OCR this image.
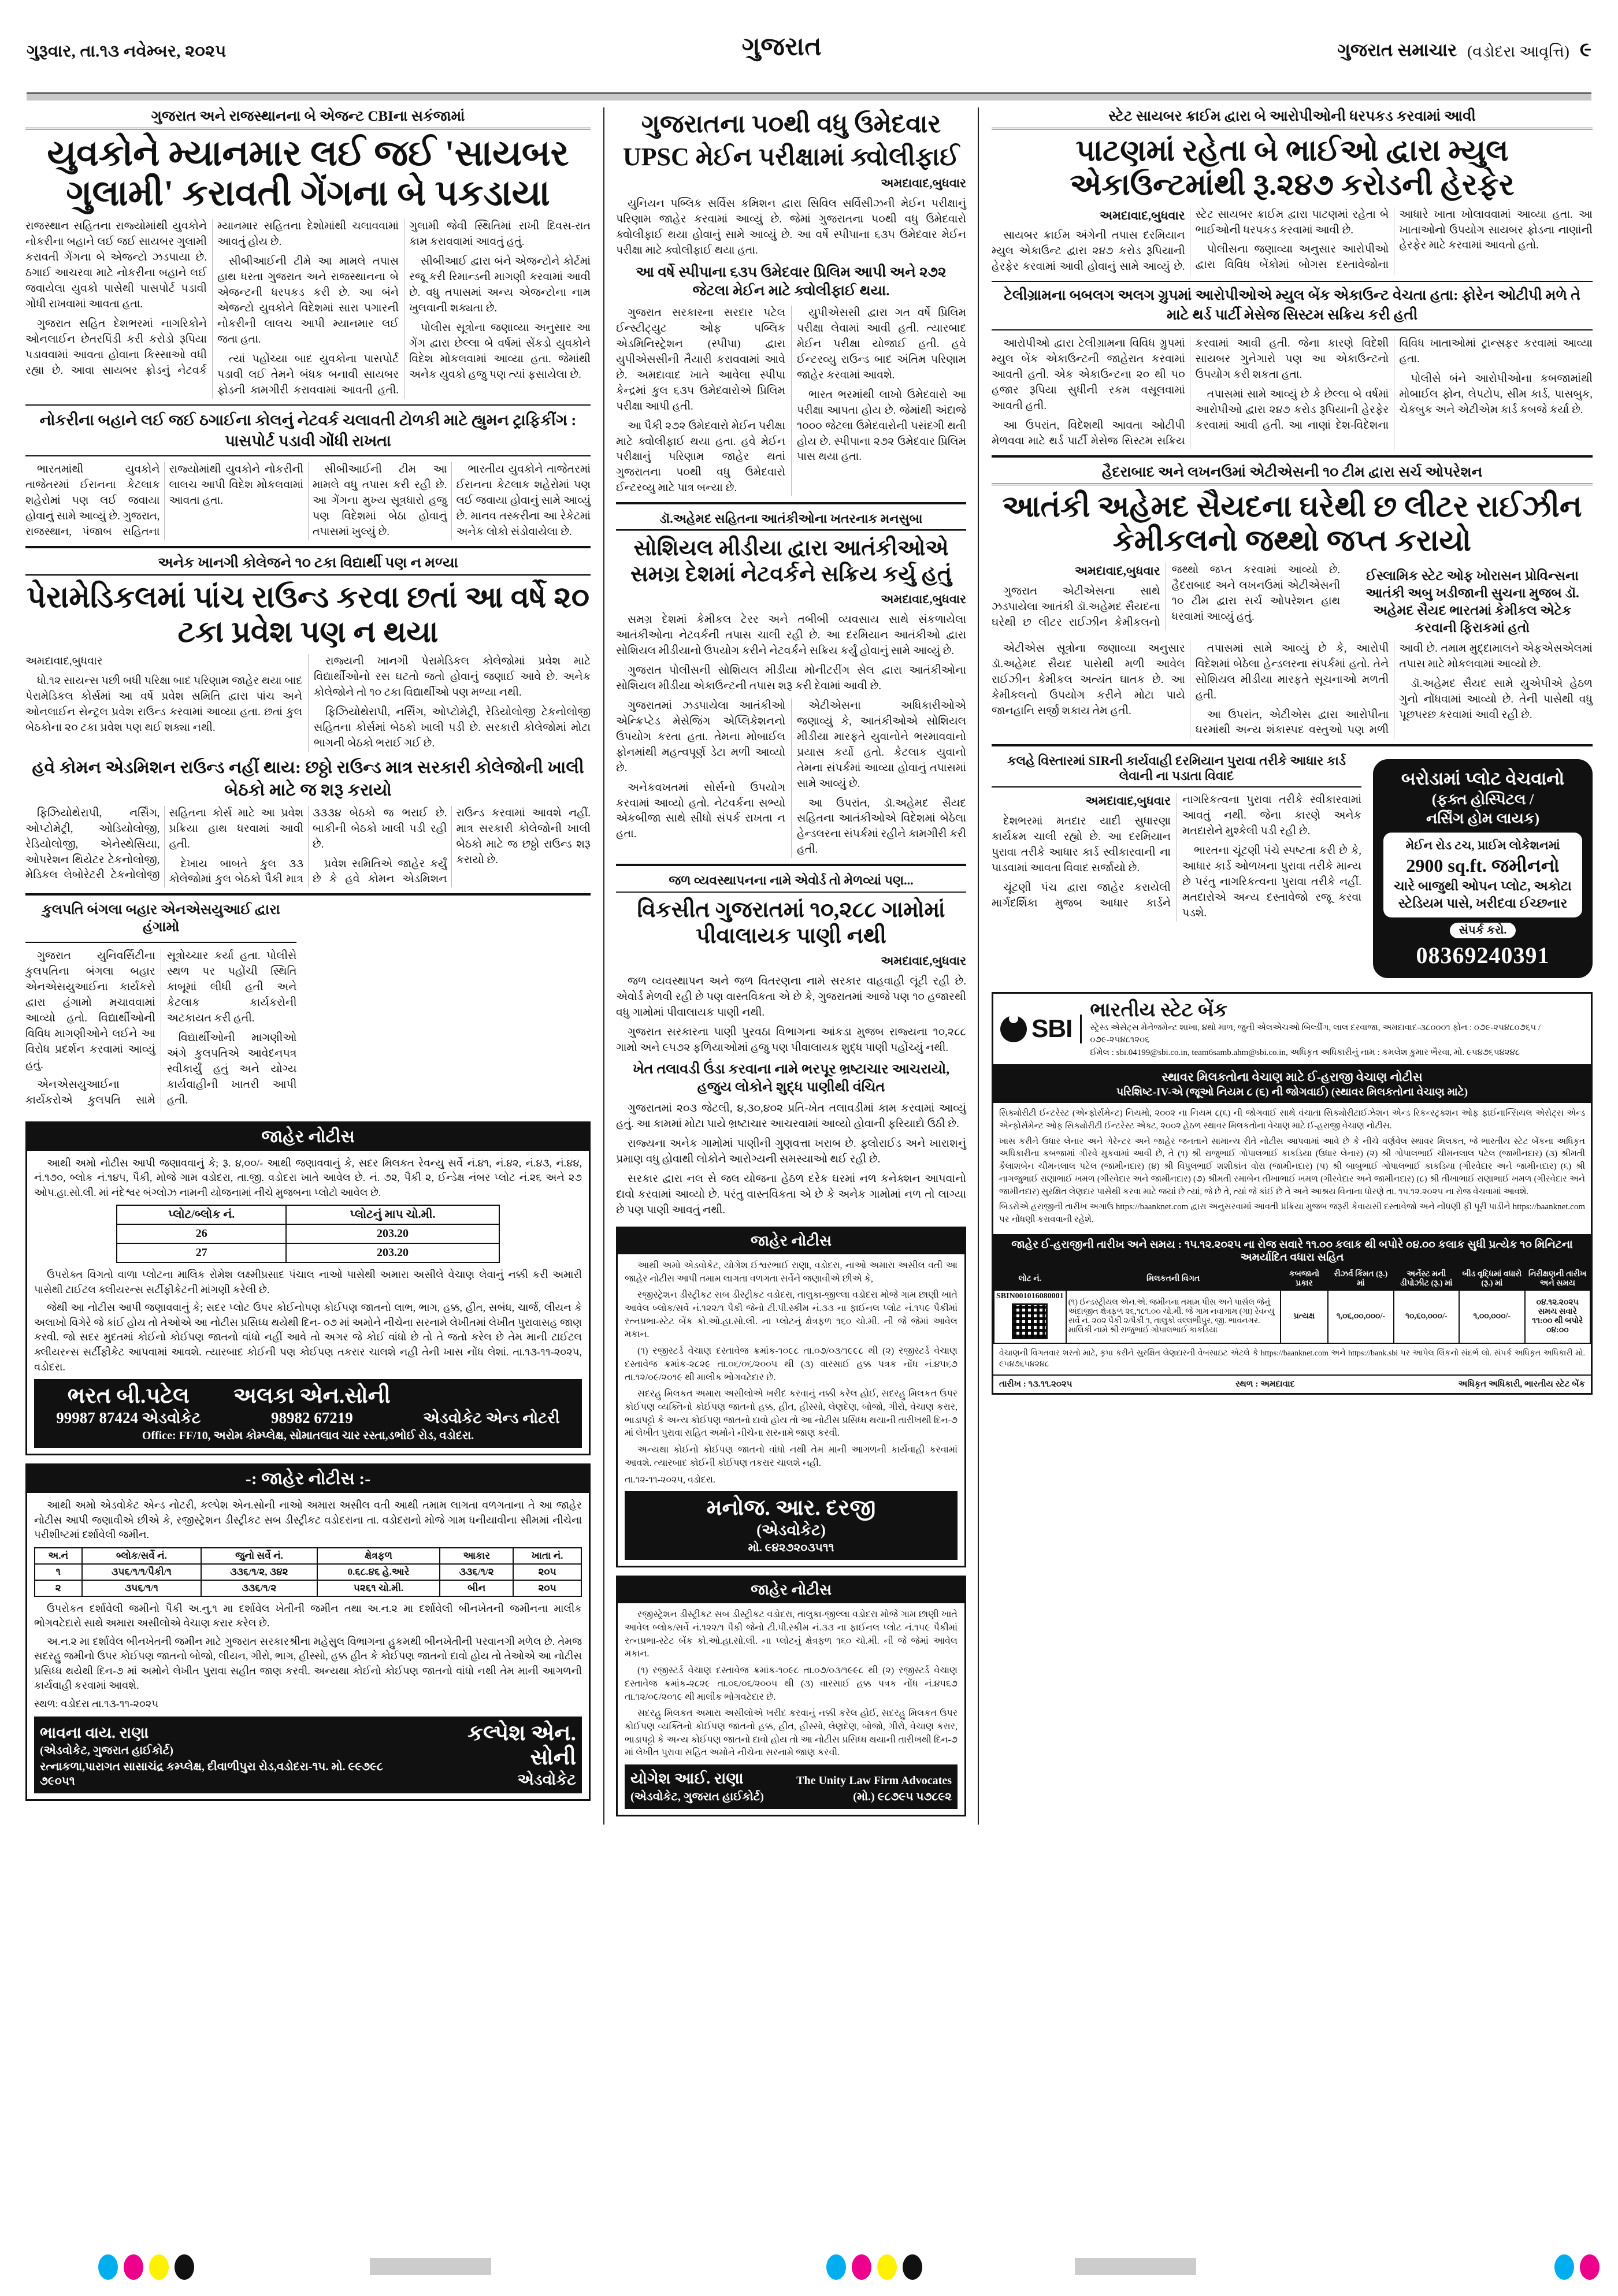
ગુરૂવાર, તા.૧૩ નવેમ્બર, ૨૦૨૫	ગુજરાત	ગુજરાત સમાચાર (વડોદરા આવૃત્તિ) ૯
ગુજરાત અને રાજસ્થાનના બે એજન્ટ CBIના સકંજામાં
યુવકોને મ્યાનમાર લઈ જઈ 'સાયબર ગુલામી' કરાવતી ગેંગના બે પકડાયા

રાજસ્થાન સહિતના રાજ્યોમાંથી યુવકોને નોકરીના બહાને લઈ જઈ સાયબર ગુલામી કરાવતી ગેંગના બે એજન્ટો ઝડપાયા છે. ઠગાઈ આચરવા માટે નોકરીના બહાને લઈ જવાયેલા યુવકો પાસેથી પાસપોર્ટ પડાવી ગોંધી રાખવામાં આવતા હતા.

ગુજરાત સહિત દેશભરમાં નાગરિકોને ઓનલાઈન છેતરપિંડી કરી કરોડો રૂપિયા પડાવવામાં આવતા હોવાના કિસ્સાઓ વધી રહ્યા છે. આવા સાયબર ફ્રોડનું નેટવર્ક મ્યાનમાર સહિતના દેશોમાંથી ચલાવવામાં આવતું હોય છે.

સીબીઆઈની ટીમે આ મામલે તપાસ હાથ ધરતા ગુજરાત અને રાજસ્થાનના બે એજન્ટની ધરપકડ કરી છે. આ બંને એજન્ટો યુવકોને વિદેશમાં સારા પગારની નોકરીની લાલચ આપી મ્યાનમાર લઈ જતા હતા.

ત્યાં પહોંચ્યા બાદ યુવકોના પાસપોર્ટ પડાવી લઈ તેમને બંધક બનાવી સાયબર ફ્રોડની કામગીરી કરાવવામાં આવતી હતી. ગુલામી જેવી સ્થિતિમાં રાખી દિવસ-રાત કામ કરાવવામાં આવતું હતું.

સીબીઆઈ દ્વારા બંને એજન્ટોને કોર્ટમાં રજૂ કરી રિમાન્ડની માગણી કરવામાં આવી છે. વધુ તપાસમાં અન્ય એજન્ટોના નામ ખુલવાની શક્યતા છે.

પોલીસ સૂત્રોના જણાવ્યા અનુસાર આ ગેંગ દ્વારા છેલ્લા બે વર્ષમાં સેંકડો યુવકોને વિદેશ મોકલવામાં આવ્યા હતા. જેમાંથી અનેક યુવકો હજુ પણ ત્યાં ફસાયેલા છે.

નોકરીના બહાને લઈ જઈ ઠગાઈના કોલનું નેટવર્ક ચલાવતી ટોળકી માટે હ્યુમન ટ્રાફિકીંગ : પાસપોર્ટ પડાવી ગોંધી રાખતા

ભારતમાંથી યુવકોને તાજેતરમાં ઈરાનના કેટલાક શહેરોમાં પણ લઈ જવાયા હોવાનું સામે આવ્યું છે. ગુજરાત, રાજસ્થાન, પંજાબ સહિતના રાજ્યોમાંથી યુવકોને નોકરીની લાલચ આપી વિદેશ મોકલવામાં આવતા હતા.

સીબીઆઈની ટીમ આ મામલે વધુ તપાસ કરી રહી છે. આ ગેંગના મુખ્ય સૂત્રધારો હજુ પણ વિદેશમાં બેઠા હોવાનું તપાસમાં ખુલ્યું છે.

ભારતીય યુવકોને તાજેતરમાં ઈરાનના કેટલાક શહેરોમાં પણ લઈ જવાયા હોવાનું સામે આવ્યું છે. માનવ તસ્કરીના આ રેકેટમાં અનેક લોકો સંડોવાયેલા છે.

અનેક ખાનગી કોલેજને ૧૦ ટકા વિદ્યાર્થી પણ ન મળ્યા
પેરામેડિકલમાં પાંચ રાઉન્ડ કરવા છતાં આ વર્ષે ૨૦ ટકા પ્રવેશ પણ ન થયા

અમદાવાદ,બુધવાર

ધો.૧૨ સાયન્સ પછી બધી પરિક્ષા બાદ પરિણામ જાહેર થયા બાદ પેરામેડિકલ કોર્સમાં આ વર્ષે પ્રવેશ સમિતિ દ્વારા પાંચ અને ઓનલાઈન સેન્ટ્રલ પ્રવેશ રાઉન્ડ કરવામાં આવ્યા હતા. છતાં કુલ બેઠકોના ૨૦ ટકા પ્રવેશ પણ થઈ શક્યા નથી.

રાજ્યની ખાનગી પેરામેડિકલ કોલેજોમાં પ્રવેશ માટે વિદ્યાર્થીઓનો રસ ઘટતો જતો હોવાનું જણાઈ આવે છે. અનેક કોલેજોને તો ૧૦ ટકા વિદ્યાર્થીઓ પણ મળ્યા નથી.

ફિઝિયોથેરાપી, નર્સિંગ, ઓપ્ટોમેટ્રી, રેડિયોલોજી ટેકનોલોજી સહિતના કોર્સમાં બેઠકો ખાલી પડી છે. સરકારી કોલેજોમાં મોટા ભાગની બેઠકો ભરાઈ ગઈ છે.

હવે કોમન એડમિશન રાઉન્ડ નહીં થાય: છઠ્ઠો રાઉન્ડ માત્ર સરકારી કોલેજોની ખાલી બેઠકો માટે જ શરૂ કરાયો

ફિઝિયોથેરાપી, નર્સિંગ, ઓપ્ટોમેટ્રી, ઓડિયોલોજી, રેડિયોલોજી, એનેસ્થેસિયા, ઓપરેશન થિયેટર ટેકનોલોજી, મેડિકલ લેબોરેટરી ટેકનોલોજી સહિતના કોર્સ માટે આ પ્રવેશ પ્રક્રિયા હાથ ધરવામાં આવી હતી.

દેખાય બાબતે કુલ ૩૩ કોલેજોમાં કુલ બેઠકો પૈકી માત્ર ૩૩૩૪ બેઠકો જ ભરાઈ છે. બાકીની બેઠકો ખાલી પડી રહી છે.

પ્રવેશ સમિતિએ જાહેર કર્યું છે કે હવે કોમન એડમિશન રાઉન્ડ કરવામાં આવશે નહીં. માત્ર સરકારી કોલેજોની ખાલી બેઠકો માટે જ છઠ્ઠો રાઉન્ડ શરૂ કરાયો છે.

કુલપતિ બંગલા બહાર એનએસયુઆઈ દ્વારા હંગામો

ગુજરાત યુનિવર્સિટીના કુલપતિના બંગલા બહાર એનએસયુઆઈના કાર્યકરો દ્વારા હંગામો મચાવવામાં આવ્યો હતો. વિદ્યાર્થીઓની વિવિધ માગણીઓને લઈને આ વિરોધ પ્રદર્શન કરવામાં આવ્યું હતું.

એનએસયુઆઈના કાર્યકરોએ કુલપતિ સામે સૂત્રોચ્ચાર કર્યા હતા. પોલીસે સ્થળ પર પહોંચી સ્થિતિ કાબૂમાં લીધી હતી અને કેટલાક કાર્યકરોની અટકાયત કરી હતી.

વિદ્યાર્થીઓની માગણીઓ અંગે કુલપતિએ આવેદનપત્ર સ્વીકાર્યું હતું અને યોગ્ય કાર્યવાહીની ખાતરી આપી હતી.

જાહેર નોટીસ

આથી અમો નોટીસ આપી જણાવવાનું કે; રૂ. ૪,૦૦/- આથી જણાવવાનું કે, સદર મિલકત રેવન્યુ સર્વે નં.૪૧, નં.૪૨, નં.૪૩, નં.૪૪, નં.૧૭૦, બ્લોક નં.૧૪૫, પૈકી, મોજે ગામ વડોદરા, તા.જી. વડોદરા ખાતે આવેલ છે. નં. ૭૨, પૈકી ૨, ઈન્ડેક્ષ નંબર પ્લોટ નં.૨૬ અને ૨૭ ઓપ.હા.સો.લી. માં નંદેશ્વર બંગ્લોઝ નામની યોજનામાં નીચે મુજબના પ્લોટો આવેલ છે.

પ્લોટ/બ્લોક નં.	પ્લોટનું માપ ચો.મી.
26	203.20
27	203.20

ઉપરોક્ત વિગતો વાળા પ્લોટના માલિક રોમેશ લક્ષ્મીપ્રસાદ પંચાલ નાઓ પાસેથી અમારા અસીલે વેચાણ લેવાનું નક્કી કરી અમારી પાસેથી ટાઈટલ ક્લીયરન્સ સર્ટીફીકેટની માંગણી કરેલી છે.

જેથી આ નોટીસ આપી જણાવવાનું કે; સદર પ્લોટ ઉપર કોઈનોપણ કોઈપણ જાતનો લાભ, ભાગ, હક્ક, હીત, સબંધ, ચાર્જ, લીયન કે અલાખો વિગેરે જે કાંઈ હોય તો તેઓએ આ નોટીસ પ્રસિધ્ધ થયેથી દિન- ૦૭ માં અમોને નીચેના સરનામે લેખીતમાં લેખીત પુરાવાસહ જાણ કરવી. જો સદર મુદતમાં કોઈનો કોઈપણ જાતનો વાંધો નહીં આવે તો અગર જે કોઈ વાંધો છે તો તે જતો કરેલ છે તેમ માની ટાઈટલ ક્લીયરન્સ સર્ટીફીકેટ આપવામાં આવશે. ત્યારબાદ કોઈની પણ કોઈપણ તકરાર ચાલશે નહી તેની ખાસ નોંધ લેશાં. તા.૧૩-૧૧-૨૦૨૫, વડોદરા.

ભરત બી.પટેલ
99987 87424 એડવોકેટ
અલકા એન.સોની
98982 67219	એડવોકેટ એન્ડ નોટરી
Office: FF/10, અરોમ કોમ્પ્લેક્ષ, સોમાતલાવ ચાર રસ્તા,ડભોઈ રોડ, વડોદરા.
-: જાહેર નોટીસ :-

આથી અમો એડવોકેટ એન્ડ નોટરી, કલ્પેશ એન.સોની નાઓ અમારા અસીલ વતી આથી તમામ લાગતા વળગતાના તે આ જાહેર નોટીસ આપી જણાવીએ છીએ કે, રજીસ્ટ્રેશન ડીસ્ટ્રીકટ સબ ડીસ્ટ્રીકટ વડોદરાના તા. વડોદરાનો મોજે ગામ ધનીયાવીના સીમમાં નીચેના પરીશીષ્ટમાં દર્શાવેલી જમીન.

અ.નં	બ્લોક/સર્વે નં.	જુનો સર્વે નં.	ક્ષેત્રફળ	આકાર	ખાતા નં.
૧	૩૫૬/૧/૧/પૈકી/૧	૩૩૬/૧/૨, ૩૪૨	0.૬૮.૪૬ હે.આરે	૩૩૬/૧/૨	૨૦૫
૨	૩૫૬/૧/૧	૩૩૬/૧/૨	૫૨૬૧ ચો.મી.	બીન	૨૦૫

ઉપરોકત દર્શાવેલી જમીનો પૈકી અ.નુ.૧ મા દર્શાવેલ ખેતીની જમીન તથા અ.ન.૨ મા દર્શાવેલી બીનખેતની જમીનના માલીક ભોગવટેદારો સાથે અમારા અસીલોએ વેચાણ કરાર કરેલ છે.

અ.ન.૨ મા દર્શાવેલ બીનખેતની જમીન માટે ગુજરાત સરકારશ્રીના મહેસુલ વિભાગના હુકમથી બીનખેતીની પરવાનગી મળેલ છે. તેમજ સદરહુ જમીનો ઉપર કોઈપણ જાતનો બોજો, લીયન, ગીરો, ભાગ, હીસ્સો, હક્ક હીત કે કોઈપણ જાતનો દાવો હોય તો તેઓએ આ નોટીસ પ્રસિધ્ધ થયેથી દિન-૭ માં અમોને લેખીત પુરાવા સહીત જાણ કરવી. અન્યથા કોઈનો કોઈપણ જાતનો વાંધો નથી તેમ માની આગળની કાર્યવાહી કરવામાં આવશે.

સ્થળ: વડોદરા તા.૧૩-૧૧-૨૦૨૫

ભાવના વાય. રાણા
(એડવોકેટ, ગુજરાત હાઈકોર્ટ)
રત્નાકળા,પારાગત સાસાચંદ્ર કમ્પ્લેક્ષ, દીવાળીપુરા રોડ,વડોદરા-૧૫. મો. ૯૯૭૯૮ ૭૯૦૫૧
કલ્પેશ એન. સોની
એડવોકેટ
ગુજરાતના ૫૦થી વધુ ઉમેદવાર
UPSC મેઈન પરીક્ષામાં ક્વોલીફાઈ

અમદાવાદ,બુધવાર

યુનિયન પબ્લિક સર્વિસ કમિશન દ્વારા સિવિલ સર્વિસીઝની મેઈન પરીક્ષાનું પરિણામ જાહેર કરવામાં આવ્યું છે. જેમાં ગુજરાતના ૫૦થી વધુ ઉમેદવારો ક્વોલીફાઈ થયા હોવાનું સામે આવ્યું છે. આ વર્ષે સ્પીપાના ૬૩૫ ઉમેદવાર મેઈન પરીક્ષા માટે ક્વોલીફાઈ થયા હતા.

આ વર્ષે સ્પીપાના ૬૩૫ ઉમેદવાર પ્રિલિમ આપી અને ૨૭૨ જેટલા મેઈન માટે ક્વોલીફાઈ થયા.

ગુજરાત સરકારના સરદાર પટેલ ઈન્સ્ટીટ્યુટ ઓફ પબ્લિક એડમિનિસ્ટ્રેશન (સ્પીપા) દ્વારા યુપીએસસીની તૈયારી કરાવવામાં આવે છે. અમદાવાદ ખાતે આવેલા સ્પીપા કેન્દ્રમાં કુલ ૬૩૫ ઉમેદવારોએ પ્રિલિમ પરીક્ષા આપી હતી.

આ પૈકી ૨૭૨ ઉમેદવારો મેઈન પરીક્ષા માટે ક્વોલીફાઈ થયા હતા. હવે મેઈન પરીક્ષાનું પરિણામ જાહેર થતાં ગુજરાતના ૫૦થી વધુ ઉમેદવારો ઈન્ટરવ્યુ માટે પાત્ર બન્યા છે.

યુપીએસસી દ્વારા ગત વર્ષે પ્રિલિમ પરીક્ષા લેવામાં આવી હતી. ત્યારબાદ મેઈન પરીક્ષા યોજાઈ હતી. હવે ઈન્ટરવ્યુ રાઉન્ડ બાદ અંતિમ પરિણામ જાહેર કરવામાં આવશે.

ભારત ભરમાંથી લાખો ઉમેદવારો આ પરીક્ષા આપતા હોય છે. જેમાંથી અંદાજે ૧૦૦૦ જેટલા ઉમેદવારોની પસંદગી થતી હોય છે. સ્પીપાના ૨૭૨ ઉમેદવાર પ્રિલિમ પાસ થયા હતા.

ડૉ.અહેમદ સહિતના આતંકીઓના ખતરનાક મનસુબા
સોશિયલ મીડીયા દ્વારા આતંકીઓએ સમગ્ર દેશમાં નેટવર્કને સક્રિય કર્યુ હતું

અમદાવાદ,બુધવાર

સમગ્ર દેશમાં કેમીકલ ટેરર અને તબીબી વ્યવસાય સાથે સંકળાયેલા આતંકીઓના નેટવર્કની તપાસ ચાલી રહી છે. આ દરમિયાન આતંકીઓ દ્વારા સોશિયલ મીડીયાનો ઉપયોગ કરીને નેટવર્કને સક્રિય કર્યું હોવાનું સામે આવ્યું છે.

ગુજરાત પોલીસની સોશિયલ મીડીયા મોનીટરીંગ સેલ દ્વારા આતંકીઓના સોશિયલ મીડીયા એકાઉન્ટની તપાસ શરૂ કરી દેવામાં આવી છે.

ગુજરાતમાં ઝડપાયેલા આતંકીઓ એન્ક્રિપ્ટેડ મેસેજિંગ એપ્લિકેશનનો ઉપયોગ કરતા હતા. તેમના મોબાઈલ ફોનમાંથી મહત્વપૂર્ણ ડેટા મળી આવ્યો છે.

અનેકવખતમાં સોર્સનો ઉપયોગ કરવામાં આવ્યો હતો. નેટવર્કના સભ્યો એકબીજા સાથે સીધો સંપર્ક રાખતા ન હતા.

એટીએસના અધિકારીઓએ જણાવ્યું કે, આતંકીઓએ સોશિયલ મીડીયા મારફતે યુવાનોને ભરમાવવાનો પ્રયાસ કર્યો હતો. કેટલાક યુવાનો તેમના સંપર્કમાં આવ્યા હોવાનું તપાસમાં સામે આવ્યું છે.

આ ઉપરાંત, ડૉ.અહેમદ સૈયદ સહિતના આતંકીઓએ વિદેશમાં બેઠેલા હેન્ડલરના સંપર્કમાં રહીને કામગીરી કરી હતી.

જળ વ્યવસ્થાપનના નામે એવોર્ડ તો મેળવ્યાં પણ...
વિકસીત ગુજરાતમાં ૧૦,૨૮૮ ગામોમાં પીવાલાયક પાણી નથી

અમદાવાદ,બુધવાર

જળ વ્યવસ્થાપન અને જળ વિતરણના નામે સરકાર વાહવાહી લૂંટી રહી છે. એવોર્ડ મેળવી રહી છે પણ વાસ્તવિકતા એ છે કે, ગુજરાતમાં આજે પણ ૧૦ હજારથી વધુ ગામોમાં પીવાલાયક પાણી નથી.

ગુજરાત સરકારના પાણી પુરવઠા વિભાગના આંકડા મુજબ રાજ્યના ૧૦,૨૮૮ ગામો અને ૯૫૭૨ ફળિયાઓમાં હજુ પણ પીવાલાયક શુદ્ધ પાણી પહોંચ્યું નથી.

ખેત તલાવડી ઉંડા કરવાના નામે ભરપૂર ભ્રષ્ટાચાર આચરાયો, હજુય લોકોને શુદ્ધ પાણીથી વંચિત

ગુજરાતમાં ૨૦૩ જેટલી, ૪,૩૦,૪૦૨ પ્રતિ-ખેત તલાવડીમાં કામ કરવામાં આવ્યું હતું. આ કામમાં મોટા પાયે ભ્રષ્ટાચાર આચરવામાં આવ્યો હોવાની ફરિયાદો ઉઠી છે.

રાજ્યના અનેક ગામોમાં પાણીની ગુણવત્તા ખરાબ છે. ફ્લોરાઈડ અને ખારાશનું પ્રમાણ વધુ હોવાથી લોકોને આરોગ્યની સમસ્યાઓ થઈ રહી છે.

સરકાર દ્વારા નલ સે જલ યોજના હેઠળ દરેક ઘરમાં નળ કનેક્શન આપવાનો દાવો કરવામાં આવ્યો છે. પરંતુ વાસ્તવિકતા એ છે કે અનેક ગામોમાં નળ તો લાગ્યા છે પણ પાણી આવતું નથી.

જાહેર નોટીસ

આથી અમો એડવોકેટ, યોગેશ ઈશ્વરભાઈ રાણા, વડોદરા, નાઓ અમારા અસીલ વતી આ જાહેર નોટીસ આપી તમામ લાગતા વળગતા સર્વેને જણાવીએ છીએ કે,

રજીસ્ટ્રેશન ડીસ્ટ્રીકટ સબ ડીસ્ટ્રીકટ વડોદરા, તાલુકા-જીલ્લા વડોદરા મોજે ગામ છાણી ખાતે આવેલ બ્લોક/સર્વે નં.૧૨૨/૧ પૈકી જેનો ટી.પી.સ્કીમ નં.૩૩ ના ફાઈનલ પ્લોટ નં.૧૫૯ પૈકીમાં રત્નપ્રભા-સ્ટેટ બેંક કો.ઓ.હા.સો.લી. ના પ્લોટનું ક્ષેત્રફળ ૧૬૦ ચો.મી. ની જે જેમાં આવેલ મકાન.

(૧) રજીસ્ટર્ડ વેચાણ દસ્તાવેજ ક્રમાંક-૧૦૯૮ તા.૦૭/૦૩/૧૯૯૮ થી (૨) રજીસ્ટર્ડ વેચાણ દસ્તાવેજ ક્રમાંક-૨૮૨૯ તા.૦૬/૦૬/૨૦૦૫ થી (૩) વારસાઈ હક્ક પત્રક નોંધ નં.૪૫૬૭ તા.૧૨/૦૯/૨૦૧૯ થી માલીક ભોગવટેદાર છે.

સદરહુ મિલકત અમારા અસીલોએ ખરીદ કરવાનું નક્કી કરેલ હોઈ, સદરહુ મિલકત ઉપર કોઈપણ વ્યક્તિનો કોઈપણ જાતનો હક્ક, હીત, હીસ્સો, લેણદેણ, બોજો, ગીરો, વેચાણ કરાર, ભાડાપટ્ટો કે અન્ય કોઈપણ જાતનો દાવો હોય તો આ નોટીસ પ્રસિધ્ધ થયાની તારીખથી દિન-૭ માં લેખીત પુરાવા સહિત અમોને નીચેના સરનામે જાણ કરવી.

અન્યથા કોઈનો કોઈપણ જાતનો વાંધો નથી તેમ માની આગળની કાર્યવાહી કરવામાં આવશે. ત્યારબાદ કોઈની કોઈપણ તકરાર ચાલશે નહી.

તા.૧૨-૧૧-૨૦૨૫, વડોદરા.

મનોજ. આર. દરજી
(એડવોકેટ)
મો. ૯૪૨૭૨૦૩૫૧૧
જાહેર નોટીસ

રજીસ્ટ્રેશન ડીસ્ટ્રીકટ સબ ડીસ્ટ્રીકટ વડોદરા, તાલુકા-જીલ્લા વડોદરા મોજે ગામ છાણી ખાતે આવેલ બ્લોક/સર્વે નં.૧૨૨/૧ પૈકી જેનો ટી.પી.સ્કીમ નં.૩૩ ના ફાઈનલ પ્લોટ નં.૧૫૯ પૈકીમાં રત્નપ્રભા-સ્ટેટ બેંક કો.ઓ.હા.સો.લી. ના પ્લોટનું ક્ષેત્રફળ ૧૬૦ ચો.મી. ની જે જેમાં આવેલ મકાન.

(૧) રજીસ્ટર્ડ વેચાણ દસ્તાવેજ ક્રમાંક-૧૦૯૮ તા.૦૭/૦૩/૧૯૯૮ થી (૨) રજીસ્ટર્ડ વેચાણ દસ્તાવેજ ક્રમાંક-૨૮૨૯ તા.૦૬/૦૬/૨૦૦૫ થી (૩) વારસાઈ હક્ક પત્રક નોંધ નં.૪૫૬૭ તા.૧૨/૦૯/૨૦૧૯ થી માલીક ભોગવટેદાર છે.

સદરહુ મિલકત અમારા અસીલોએ ખરીદ કરવાનું નક્કી કરેલ હોઈ, સદરહુ મિલકત ઉપર કોઈપણ વ્યક્તિનો કોઈપણ જાતનો હક્ક, હીત, હીસ્સો, લેણદેણ, બોજો, ગીરો, વેચાણ કરાર, ભાડાપટ્ટો કે અન્ય કોઈપણ જાતનો દાવો હોય તો આ નોટીસ પ્રસિધ્ધ થયાની તારીખથી દિન-૭ માં લેખીત પુરાવા સહિત અમોને નીચેના સરનામે જાણ કરવી.

યોગેશ આઈ. રાણા
(એડવોકેટ, ગુજરાત હાઈકોર્ટ)
The Unity Law Firm Advocates
(મો.) ૯૮૭૯૫ ૫૭૮૯૨
સ્ટેટ સાયબર ક્રાઈમ દ્વારા બે આરોપીઓની ધરપકડ કરવામાં આવી
પાટણમાં રહેતા બે ભાઈઓ દ્વારા મ્યુલ એકાઉન્ટમાંથી રૂ.૨૪૭ કરોડની હેરફેર

અમદાવાદ,બુધવાર

સાયબર ક્રાઈમ અંગેની તપાસ દરમિયાન મ્યુલ એકાઉન્ટ દ્વારા ૨૪૭ કરોડ રૂપિયાની હેરફેર કરવામાં આવી હોવાનું સામે આવ્યું છે. સ્ટેટ સાયબર ક્રાઈમ દ્વારા પાટણમાં રહેતા બે ભાઈઓની ધરપકડ કરવામાં આવી છે.

પોલીસના જણાવ્યા અનુસાર આરોપીઓ દ્વારા વિવિધ બેંકોમાં બોગસ દસ્તાવેજોના આધારે ખાતા ખોલાવવામાં આવ્યા હતા. આ ખાતાઓનો ઉપયોગ સાયબર ફ્રોડના નાણાંની હેરફેર માટે કરવામાં આવતો હતો.

ટેલીગ્રામના બબલગ અલગ ગ્રુપમાં આરોપીઓએ મ્યુલ બેંક એકાઉન્ટ વેચતા હતા: ફોરેન ઓટીપી મળે તે માટે થર્ડ પાર્ટી મેસેજ સિસ્ટમ સક્રિય કરી હતી

આરોપીઓ દ્વારા ટેલીગ્રામના વિવિધ ગ્રુપમાં મ્યુલ બેંક એકાઉન્ટની જાહેરાત કરવામાં આવતી હતી. એક એકાઉન્ટના ૨૦ થી ૫૦ હજાર રૂપિયા સુધીની રકમ વસૂલવામાં આવતી હતી.

આ ઉપરાંત, વિદેશથી આવતા ઓટીપી મેળવવા માટે થર્ડ પાર્ટી મેસેજ સિસ્ટમ સક્રિય કરવામાં આવી હતી. જેના કારણે વિદેશી સાયબર ગુનેગારો પણ આ એકાઉન્ટનો ઉપયોગ કરી શકતા હતા.

તપાસમાં સામે આવ્યું છે કે છેલ્લા બે વર્ષમાં આરોપીઓ દ્વારા ૨૪૭ કરોડ રૂપિયાની હેરફેર કરવામાં આવી હતી. આ નાણાં દેશ-વિદેશના વિવિધ ખાતાઓમાં ટ્રાન્સફર કરવામાં આવ્યા હતા.

પોલીસે બંને આરોપીઓના કબજામાંથી મોબાઈલ ફોન, લેપટોપ, સીમ કાર્ડ, પાસબુક, ચેકબુક અને એટીએમ કાર્ડ કબજે કર્યા છે.

હૈદરાબાદ અને લખનઉમાં એટીએસની ૧૦ ટીમ દ્વારા સર્ચ ઓપરેશન
આતંકી અહેમદ સૈયદના ઘરેથી છ લીટર રાઈઝીન કેમીકલનો જથ્થો જપ્ત કરાયો

અમદાવાદ,બુધવાર

ગુજરાત એટીએસના સાથે ઝડપાયેલા આતંકી ડૉ.અહેમદ સૈયદના ઘરેથી છ લીટર રાઈઝીન કેમીકલનો જથ્થો જપ્ત કરવામાં આવ્યો છે. હૈદરાબાદ અને લખનઉમાં એટીએસની ૧૦ ટીમ દ્વારા સર્ચ ઓપરેશન હાથ ધરવામાં આવ્યું હતું.

ઈસ્લામિક સ્ટેટ ઓફ ખોરાસન પ્રોવિન્સના આતંકી અબુ ખડીજાની સુચના મુજબ ડૉ. અહેમદ સૈયદ ભારતમાં કેમીકલ એટેક કરવાની ફિરાકમાં હતો

એટીએસ સૂત્રોના જણાવ્યા અનુસાર ડૉ.અહેમદ સૈયદ પાસેથી મળી આવેલ રાઈઝીન કેમીકલ અત્યંત ઘાતક છે. આ કેમીકલનો ઉપયોગ કરીને મોટા પાયે જાનહાનિ સર્જી શકાય તેમ હતી.

તપાસમાં સામે આવ્યું છે કે, આરોપી વિદેશમાં બેઠેલા હેન્ડલરના સંપર્કમાં હતો. તેને સોશિયલ મીડીયા મારફતે સૂચનાઓ મળતી હતી.

આ ઉપરાંત, એટીએસ દ્વારા આરોપીના ઘરમાંથી અન્ય શંકાસ્પદ વસ્તુઓ પણ મળી આવી છે. તમામ મુદ્દામાલને એફએસએલમાં તપાસ માટે મોકલવામાં આવ્યો છે.

ડૉ.અહેમદ સૈયદ સામે યુએપીએ હેઠળ ગુનો નોંધવામાં આવ્યો છે. તેની પાસેથી વધુ પૂછપરછ કરવામાં આવી રહી છે.

કલહે વિસ્તારમાં SIRની કાર્યવાહી દરમિયાન પુરાવા તરીકે આધાર કાર્ડ લેવાની ના પડાતા વિવાદ

અમદાવાદ,બુધવાર

દેશભરમાં મતદાર યાદી સુધારણા કાર્યક્રમ ચાલી રહ્યો છે. આ દરમિયાન પુરાવા તરીકે આધાર કાર્ડ સ્વીકારવાની ના પાડવામાં આવતા વિવાદ સર્જાયો છે.

ચૂંટણી પંચ દ્વારા જાહેર કરાયેલી માર્ગદર્શિકા મુજબ આધાર કાર્ડને નાગરિકત્વના પુરાવા તરીકે સ્વીકારવામાં આવતું નથી. જેના કારણે અનેક મતદારોને મુશ્કેલી પડી રહી છે.

ભારતના ચૂંટણી પંચે સ્પષ્ટતા કરી છે કે, આધાર કાર્ડ ઓળખના પુરાવા તરીકે માન્ય છે પરંતુ નાગરિકત્વના પુરાવા તરીકે નહીં. મતદારોએ અન્ય દસ્તાવેજો રજૂ કરવા પડશે.

બરોડામાં પ્લોટ વેચવાનો
(ફક્ત હોસ્પિટલ /
નર્સિંગ હોમ લાયક)
મેઈન રોડ ટચ, પ્રાઈમ લોકેશનમાં
2900 sq.ft. જમીનનો
ચારે બાજુથી ઓપન પ્લોટ, અકોટા સ્ટેડિયમ પાસે, ખરીદવા ઈચ્છનાર
સંપર્ક કરો.
08369240391
SBI
ભારતીય સ્ટેટ બેંક
સ્ટ્રેસ્ડ એસેટ્સ મેનેજમેન્ટ શાખા, ૪થો માળ, જુની એલએચઓ બિલ્ડીંગ, લાલ દરવાજા, અમદાવાદ-૩૮૦૦૦૧ ફોન : ૦૭૯-૨૫૪૮૦૭૬૫ / ૦૭૯-૨૫૪૮૧૨૦૬
ઈમેલ : sbi.04199@sbi.co.in, team6samb.ahm@sbi.co.in, અધિકૃત અધિકારીનું નામ : કમલેશ કુમાર ભૈરવા, મો. ૯૫૪૭૬૫૪૨૪૮
સ્થાવર મિલકતોના વેચાણ માટે ઈ-હરાજી વેચાણ નોટીસ
પરિશિષ્ટ-IV-એ (જૂઓ નિયમ ૮ (૬) ની જોગવાઈ) (સ્થાવર મિલકતોના વેચાણ માટે)

સિક્યોરીટી ઈન્ટરેસ્ટ (એન્ફોર્સમેન્ટ) નિયમો, ૨૦૦૨ ના નિયમ ૮(૬) ની જોગવાઈ સાથે વંચાતા સિક્યોરીટાઈઝેશન એન્ડ રિકન્સ્ટ્રક્શન ઓફ ફાઈનાન્સિયલ એસેટ્સ એન્ડ એન્ફોર્સમેન્ટ ઓફ સિક્યોરીટી ઈન્ટરેસ્ટ એક્ટ, ૨૦૦૨ હેઠળ સ્થાવર મિલકતોના વેચાણ માટે ઈ-હરાજી વેચાણ નોટીસ.

ખાસ કરીને ઉધાર લેનાર અને ગેરેન્ટર અને જાહેર જનતાને સામાન્ય રીતે નોટીસ આપવામાં આવે છે કે નીચે વર્ણવેલ સ્થાવર મિલકત, જે ભારતીય સ્ટેટ બેંકના અધિકૃત અધિકારીના કબજામાં ગીરવે મુકવામાં આવી છે, તે (૧) શ્રી રાજુભાઈ ગોપાલભાઈ કાકડિયા (ઉધાર લેનાર) (૨) શ્રી ગોપાલભાઈ ચીમનલાલ પટેલ (જામીનદાર) (૩) શ્રીમતી કૈલાશબેન ચીમનલાલ પટેલ (જામીનદાર) (૪) શ્રી વિપુલભાઈ શશીકાંત વોરા (જામીનદાર) (૫) શ્રી બાબુભાઈ ગોપાલભાઈ કાકડિયા (ગીરવેદાર અને જામીનદાર) (૬) શ્રી નાગજુભાઈ રાણાભાઈ ખમળ (ગીરવેદાર અને જામીનદાર) (૭) શ્રીમતી રમાબેન તીખાભાઈ ખમળ (ગીરવેદાર અને જામીનદાર) (૮) શ્રી તીખાભાઈ રાણાભાઈ ખમળ (ગીરવેદાર અને જામીનદાર) સુરક્ષિત લેણદાર પાસેથી કરવા માટે જયાં છે ત્યાં, જે છે તે, ત્યાં જે કાંઈ છે તે અને આશ્રય વિનાના ધોરણે તા. ૧૫.૧૨.૨૦૨૫ ના રોજ વેચવામાં આવશે.

બિડરોએ હરાજીની તારીખ અગાઉ https://baanknet.com દ્વારા અનુસરવામાં આવતી પ્રક્રિયા મુજબ જરૂરી કેવાયસી દસ્તાવેજો અને નોંધણી ફી પૂરી પાડીને https://baanknet.com પર નોંધણી કરાવવાની રહેશે.

જાહેર ઈ-હરાજીની તારીખ અને સમય : ૧૫.૧૨.૨૦૨૫ ના રોજ સવારે ૧૧.૦૦ કલાક થી બપોરે ૦૪.૦૦ કલાક સુધી પ્રત્યેક ૧૦ મિનિટના અમર્યાદિત વધારા સહિત
લોટ નં.	મિલકતની વિગત	કબજાનો પ્રકાર	રીઝર્વ કિંમત (રૂ.) માં	અર્નેસ્ટ મની ડીપોઝીટ (રૂ.) માં	બીડ વૃદ્ધિમાં વધારો (રૂ.) માં	નિરીક્ષણની તારીખ અને સમય

SBIN001016080001	(૧) ઈન્ડસ્ટ્રીયલ એન.એ. જમીનના તમામ પીસ અને પાર્સલ જેનું અંદાજીત ક્ષેત્રફળ ૨૬,૧૮૧.૦૦ ચો.મી. જે ગામ નવાગામ (ગા) રેવન્યુ સર્વે નં. ૨૦૨ પૈકી ૨/પૈકી ૧, તાલુકો વલ્લભીપુર, જી. ભાવનગર. માલિકી નામે શ્રી રાજુભાઈ ગોપાલભાઈ કાકડિયા	પ્રત્યક્ષ	૧,૦૬,૦૦,૦૦૦/-	૧૦,૬૦,૦૦૦/-	૧,૦૦,૦૦૦/-	૦૪.૧૨.૨૦૨૫ સમય સવારે ૧૧:૦૦ થી બપોરે ૦૪:૦૦
વેચાણની વિગતવાર શરતો માટે, કૃપા કરીને સુરક્ષિત લેણદારની વેબસાઇટ એટલે કે https://baanknet.com અને https://bank.sbi પર આપેલ લિંકનો સંદર્ભ લો. સંપર્ક અધિકૃત અધિકારી મો. ૯૫૪૭૬૫૪૨૪૮
તારીખ : ૧૩.૧૧.૨૦૨૫	સ્થળ : અમદાવાદ	અધિકૃત અધિકારી, ભારતીય સ્ટેટ બેંક
